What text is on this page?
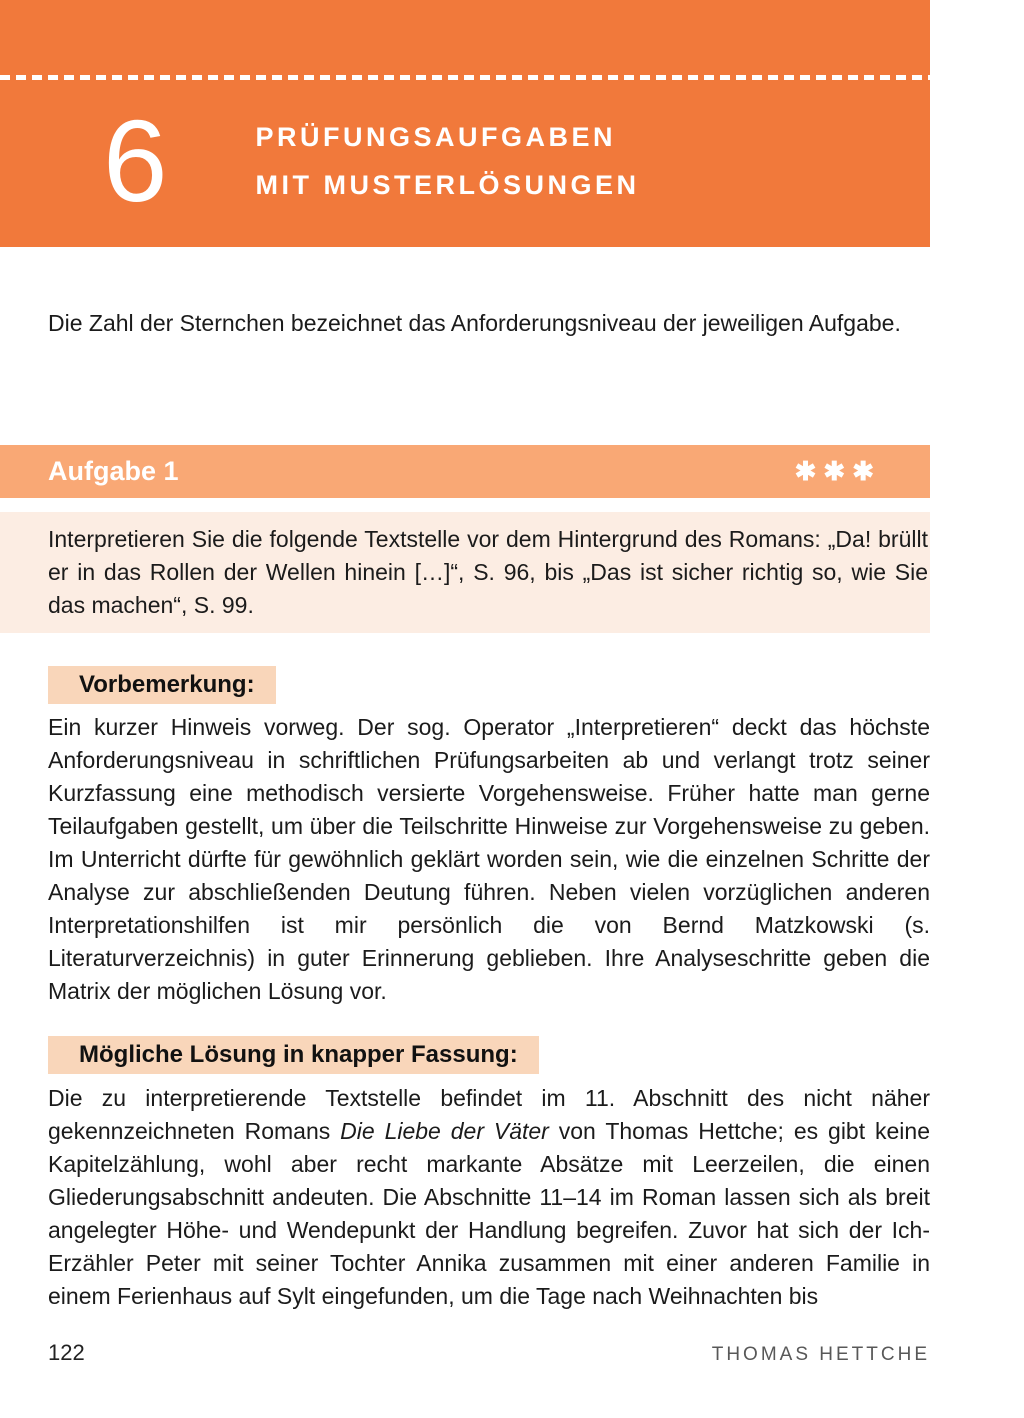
6	PRÜFUNGSAUFGABEN
MIT MUSTERLÖSUNGEN

Die Zahl der Sternchen bezeichnet das Anforderungsniveau der jeweiligen Aufgabe.

Aufgabe 1	✱✱✱

Interpretieren Sie die folgende Textstelle vor dem Hintergrund des Romans: „Da! brüllt er in das Rollen der Wellen hinein […]“, S. 96, bis „Das ist sicher richtig so, wie Sie das machen“, S. 99.

Vorbemerkung:

Ein kurzer Hinweis vorweg. Der sog. Operator „Interpretieren“ deckt das höchste Anforderungsniveau in schriftlichen Prüfungsarbeiten ab und verlangt trotz seiner Kurzfassung eine methodisch versierte Vorgehensweise. Früher hatte man gerne Teilaufgaben gestellt, um über die Teilschritte Hinweise zur Vorgehensweise zu geben. Im Unterricht dürfte für gewöhnlich geklärt worden sein, wie die einzelnen Schritte der Analyse zur abschließenden Deutung führen. Neben vielen vorzüglichen anderen Interpretationshilfen ist mir persönlich die von Bernd Matzkowski (s. Literaturverzeichnis) in guter Erinnerung geblieben. Ihre Analyseschritte geben die Matrix der möglichen Lösung vor.

Mögliche Lösung in knapper Fassung:

Die zu interpretierende Textstelle befindet im 11. Abschnitt des nicht näher gekennzeichneten Romans Die Liebe der Väter von Thomas Hettche; es gibt keine Kapitelzählung, wohl aber recht markante Absätze mit Leerzeilen, die einen Gliederungsabschnitt andeuten. Die Abschnitte 11–14 im Roman lassen sich als breit angelegter Höhe- und Wendepunkt der Handlung begreifen. Zuvor hat sich der Ich-Erzähler Peter mit seiner Tochter Annika zusammen mit einer anderen Familie in einem Ferienhaus auf Sylt eingefunden, um die Tage nach Weihnachten bis

122	THOMAS HETTCHE
